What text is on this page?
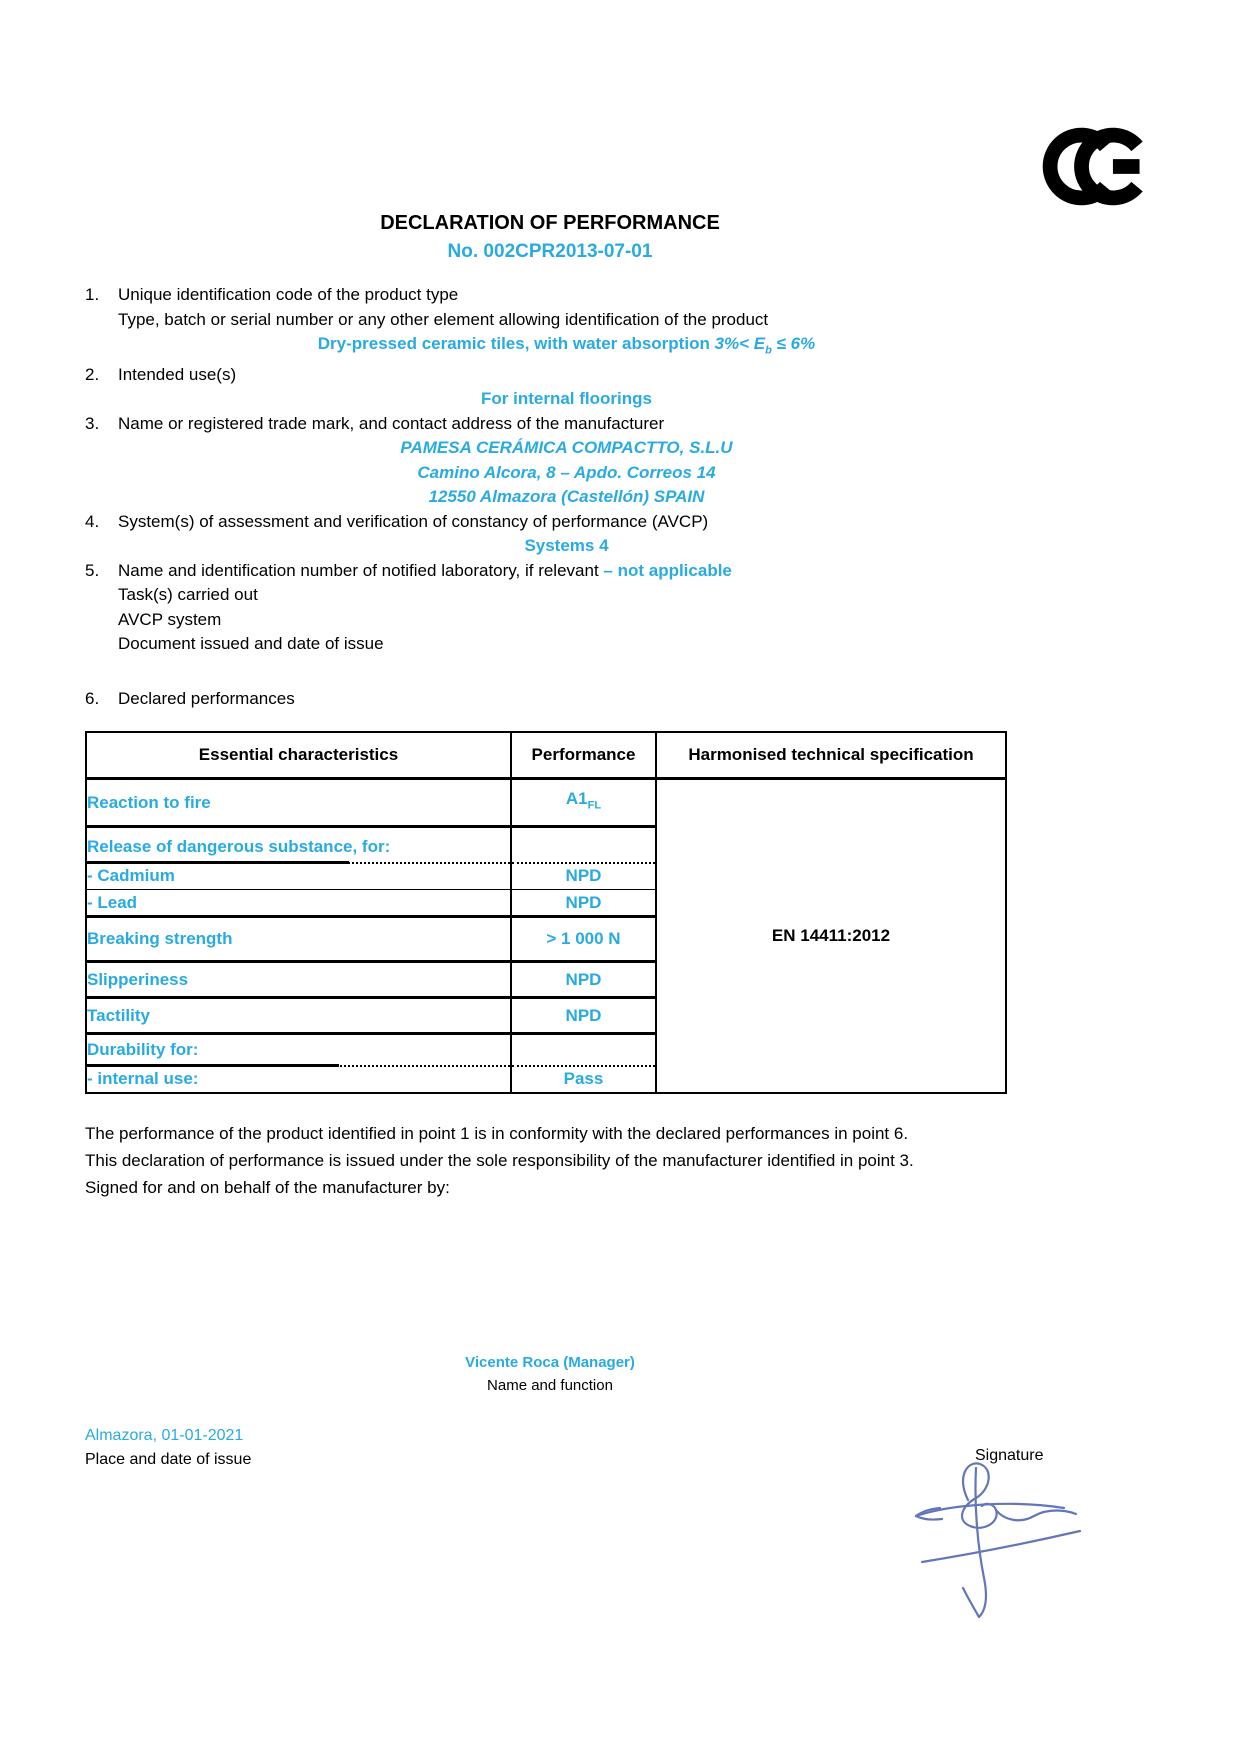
DECLARATION OF PERFORMANCE
No. 002CPR2013-07-01
1. Unique identification code of the product type
Type, batch or serial number or any other element allowing identification of the product
Dry-pressed ceramic tiles, with water absorption $3\%< E_b \le 6\%$
2. Intended use(s)
For internal floorings
3. Name or registered trade mark, and contact address of the manufacturer
PAMESA CERÁMICA COMPACTTO, S.L.U
Camino Alcora, 8 – Apdo. Correos 14
12550 Almazora (Castellón) SPAIN
4. System(s) of assessment and verification of constancy of performance (AVCP)
Systems 4
5. Name and identification number of notified laboratory, if relevant – not applicable
Task(s) carried out
AVCP system
Document issued and date of issue
6. Declared performances
Essential characteristics	Performance	Harmonised technical specification
Reaction to fire	$A1_{FL}$	EN 14411:2012
Release of dangerous substance, for:		
- Cadmium	NPD	
- Lead	NPD	
Breaking strength	> 1 000 N	
Slipperiness	NPD	
Tactility	NPD	
Durability for:		
- internal use:	Pass	
The performance of the product identified in point 1 is in conformity with the declared performances in point 6.
This declaration of performance is issued under the sole responsibility of the manufacturer identified in point 3.
Signed for and on behalf of the manufacturer by:
Vicente Roca (Manager)
Name and function
Almazora, 01-01-2021
Place and date of issue	Signature
